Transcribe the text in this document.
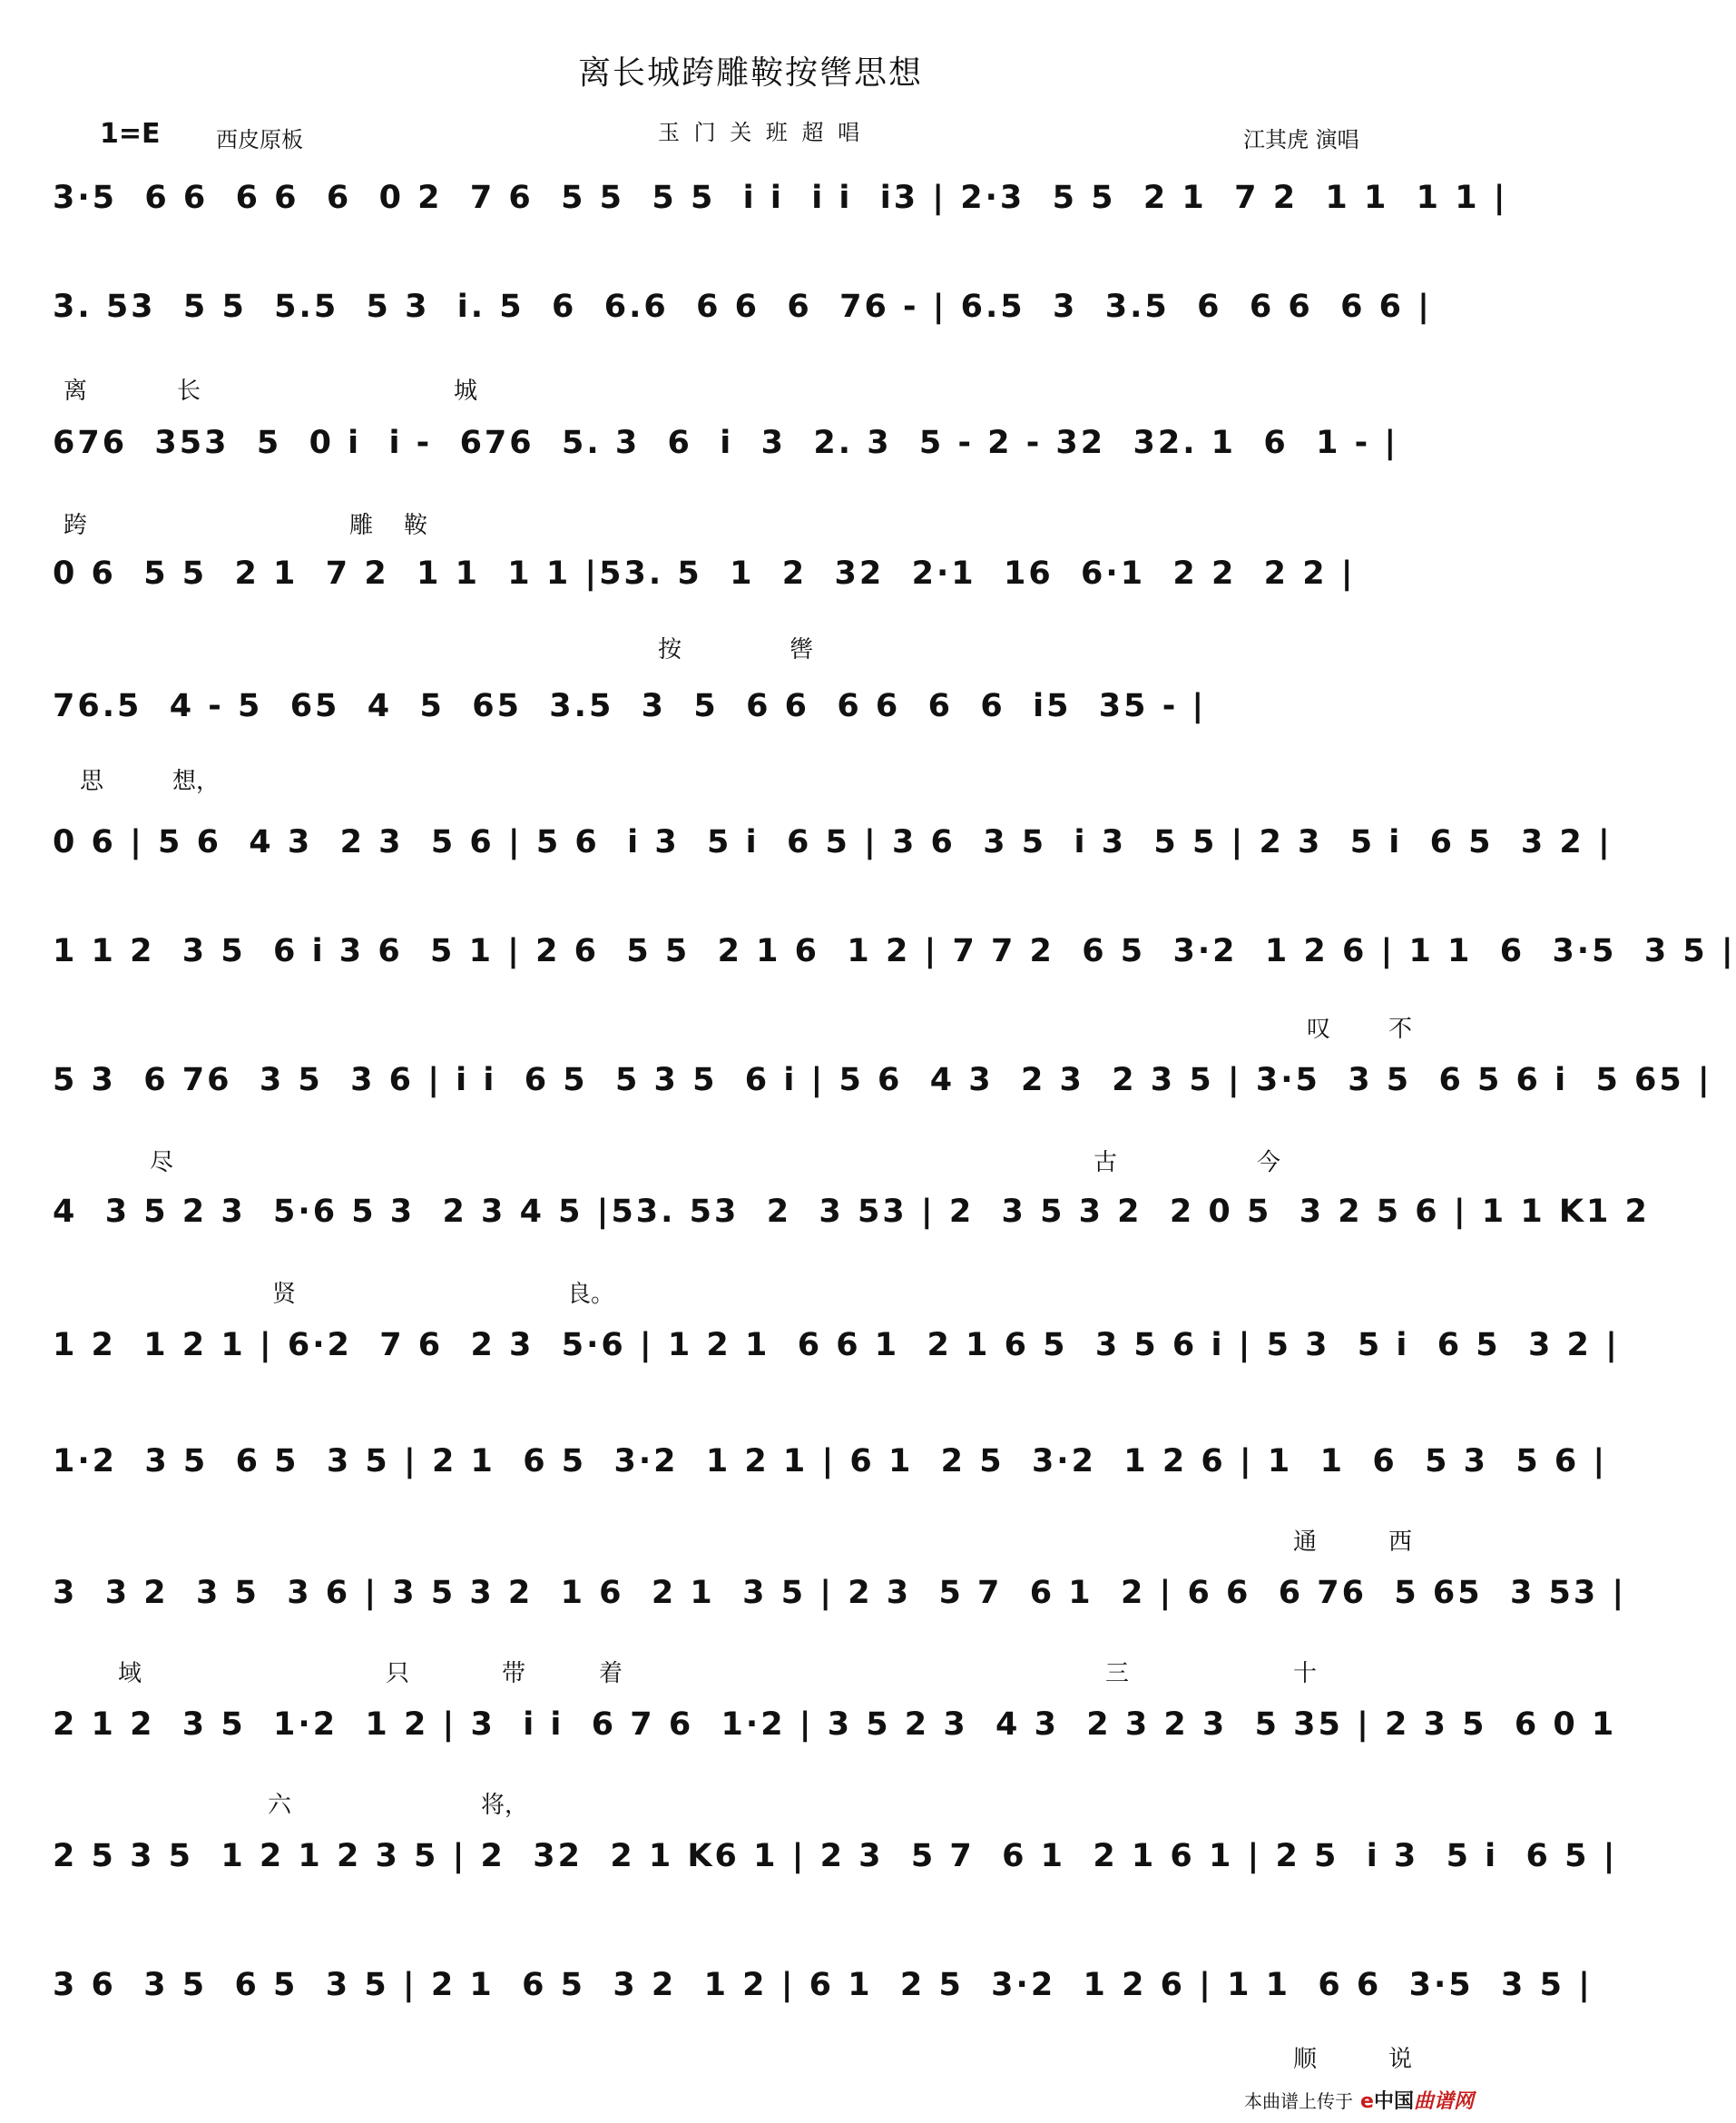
离长城跨雕鞍按辔思想
1=E	西皮原板	玉 门 关 班 超 唱	江其虎 演唱
3·5  6 6  6 6  6  0 2  7 6  5 5  5 5  i i  i i  i3 | 2·3  5 5  2 1  7 2  1 1  1 1 |
3. 53  5 5  5.5  5 3  i. 5  6  6.6  6 6  6  76 - | 6.5  3  3.5  6  6 6  6 6 |
676  353  5  0 i  i -  676  5. 3  6  i  3  2. 3  5 - 2 - 32  32. 1  6  1 - |
0 6  5 5  2 1  7 2  1 1  1 1 |53. 5  1  2  32  2·1  16  6·1  2 2  2 2 |
76.5  4 - 5  65  4  5  65  3.5  3  5  6 6  6 6  6  6  i5  35 - |
0 6 | 5 6  4 3  2 3  5 6 | 5 6  i 3  5 i  6 5 | 3 6  3 5  i 3  5 5 | 2 3  5 i  6 5  3 2 |
1 1 2  3 5  6 i 3 6  5 1 | 2 6  5 5  2 1 6  1 2 | 7 7 2  6 5  3·2  1 2 6 | 1 1  6  3·5  3 5 |
5 3  6 76  3 5  3 6 | i i  6 5  5 3 5  6 i | 5 6  4 3  2 3  2 3 5 | 3·5  3 5  6 5 6 i  5 65 |
4  3 5 2 3  5·6 5 3  2 3 4 5 |53. 53  2  3 53 | 2  3 5 3 2  2 0 5  3 2 5 6 | 1 1 K1 2
1 2  1 2 1 | 6·2  7 6  2 3  5·6 | 1 2 1  6 6 1  2 1 6 5  3 5 6 i | 5 3  5 i  6 5  3 2 |
1·2  3 5  6 5  3 5 | 2 1  6 5  3·2  1 2 1 | 6 1  2 5  3·2  1 2 6 | 1  1  6  5 3  5 6 |
3  3 2  3 5  3 6 | 3 5 3 2  1 6  2 1  3 5 | 2 3  5 7  6 1  2 | 6 6  6 76  5 65  3 53 |
2 1 2  3 5  1·2  1 2 | 3  i i  6 7 6  1·2 | 3 5 2 3  4 3  2 3 2 3  5 35 | 2 3 5  6 0 1
2 5 3 5  1 2 1 2 3 5 | 2  32  2 1 K6 1 | 2 3  5 7  6 1  2 1 6 1 | 2 5  i 3  5 i  6 5 |
3 6  3 5  6 5  3 5 | 2 1  6 5  3 2  1 2 | 6 1  2 5  3·2  1 2 6 | 1 1  6 6  3·5  3 5 |
离	长	城
跨	雕 鞍
按	辔
思	想，
叹 不
尽	古	今
贤	良。
通	西
域	只	带	着	三	十
六	将，
顺	说
本曲谱上传于 e中国曲谱网
